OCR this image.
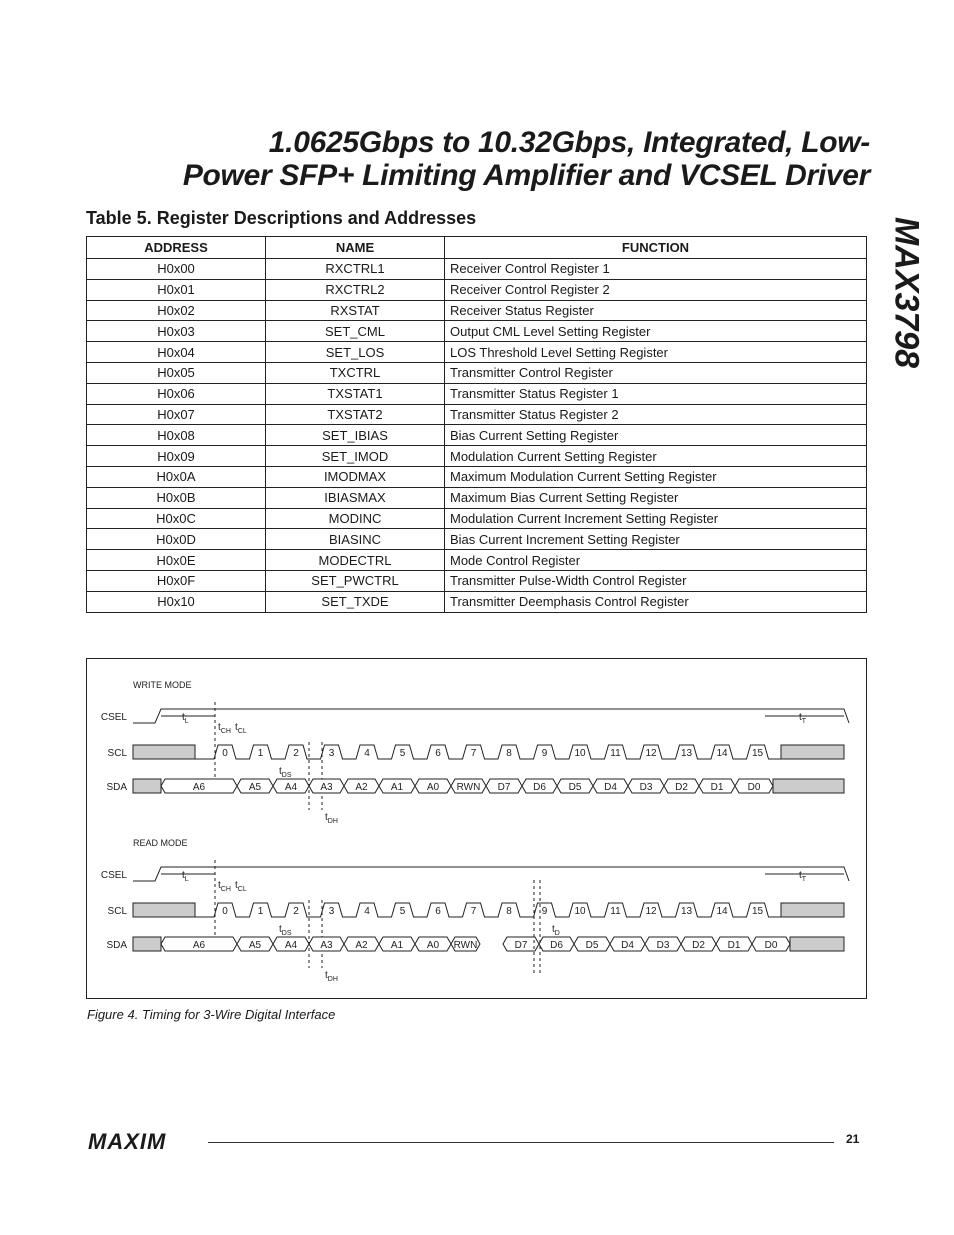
1.0625Gbps to 10.32Gbps, Integrated, Low-
Power SFP+ Limiting Amplifier and VCSEL Driver
MAX3798
Table 5. Register Descriptions and Addresses
ADDRESS	NAME	FUNCTION
H0x00	RXCTRL1	Receiver Control Register 1
H0x01	RXCTRL2	Receiver Control Register 2
H0x02	RXSTAT	Receiver Status Register
H0x03	SET_CML	Output CML Level Setting Register
H0x04	SET_LOS	LOS Threshold Level Setting Register
H0x05	TXCTRL	Transmitter Control Register
H0x06	TXSTAT1	Transmitter Status Register 1
H0x07	TXSTAT2	Transmitter Status Register 2
H0x08	SET_IBIAS	Bias Current Setting Register
H0x09	SET_IMOD	Modulation Current Setting Register
H0x0A	IMODMAX	Maximum Modulation Current Setting Register
H0x0B	IBIASMAX	Maximum Bias Current Setting Register
H0x0C	MODINC	Modulation Current Increment Setting Register
H0x0D	BIASINC	Bias Current Increment Setting Register
H0x0E	MODECTRL	Mode Control Register
H0x0F	SET_PWCTRL	Transmitter Pulse-Width Control Register
H0x10	SET_TXDE	Transmitter Deemphasis Control Register
WRITE MODE
CSEL
SCL
SDA
$t_L$	$t_T$
0	1	2	3	4	5	6	7	8	9	10 11 12 13 14 15
$t_{CH}$ $t_{CL}$
$t_{DS}$
$t_{DH}$
A6	A5 A4 A3 A2 A1 A0 RWN D7 D6 D5 D4 D3 D2 D1 D0
READ MODE
CSEL
SCL
SDA
$t_L$	$t_T$
0	1	2	3	4	5	6	7	8	9	10 11 12 13 14 15
$t_{CH}$ $t_{CL}$
$t_{DS}$
$t_{DH}$
A6	A5 A4 A3 A2 A1 A0 RWN	D7 D6 D5 D4 D3 D2 D1 D0
$t_D$
Figure 4. Timing for 3-Wire Digital Interface
MAXIM	21
